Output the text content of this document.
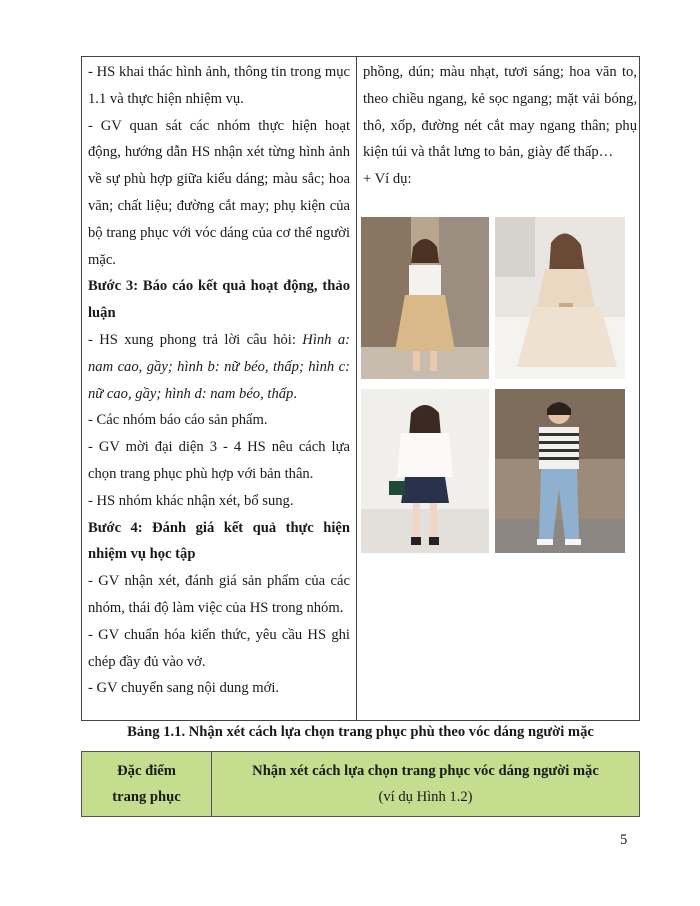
- HS khai thác hình ảnh, thông tin trong mục 1.1 và thực hiện nhiệm vụ.

- GV quan sát các nhóm thực hiện hoạt động, hướng dẫn HS nhận xét từng hình ảnh về sự phù hợp giữa kiểu dáng; màu sắc; hoa văn; chất liệu; đường cắt may; phụ kiện của bộ trang phục với vóc dáng của cơ thể người mặc.

Bước 3: Báo cáo kết quả hoạt động, thảo luận

- HS xung phong trả lời câu hỏi: Hình a: nam cao, gầy; hình b: nữ béo, thấp; hình c: nữ cao, gầy; hình d: nam béo, thấp.

- Các nhóm báo cáo sản phẩm.

- GV mời đại diện 3 - 4 HS nêu cách lựa chọn trang phục phù hợp với bản thân.

- HS nhóm khác nhận xét, bổ sung.

Bước 4: Đánh giá kết quả thực hiện nhiệm vụ học tập

- GV nhận xét, đánh giá sản phẩm của các nhóm, thái độ làm việc của HS trong nhóm.

- GV chuẩn hóa kiến thức, yêu cầu HS ghi chép đầy đủ vào vở.

- GV chuyển sang nội dung mới.

phồng, dún; màu nhạt, tươi sáng; hoa văn to, theo chiều ngang, kẻ sọc ngang; mặt vải bóng, thô, xốp, đường nét cắt may ngang thân; phụ kiện túi và thắt lưng to bản, giày đế thấp…

+ Ví dụ:

Bảng 1.1. Nhận xét cách lựa chọn trang phục phù theo vóc dáng người mặc
Đặc điểm
trang phục
Nhận xét cách lựa chọn trang phục vóc dáng người mặc
(ví dụ Hình 1.2)
5
